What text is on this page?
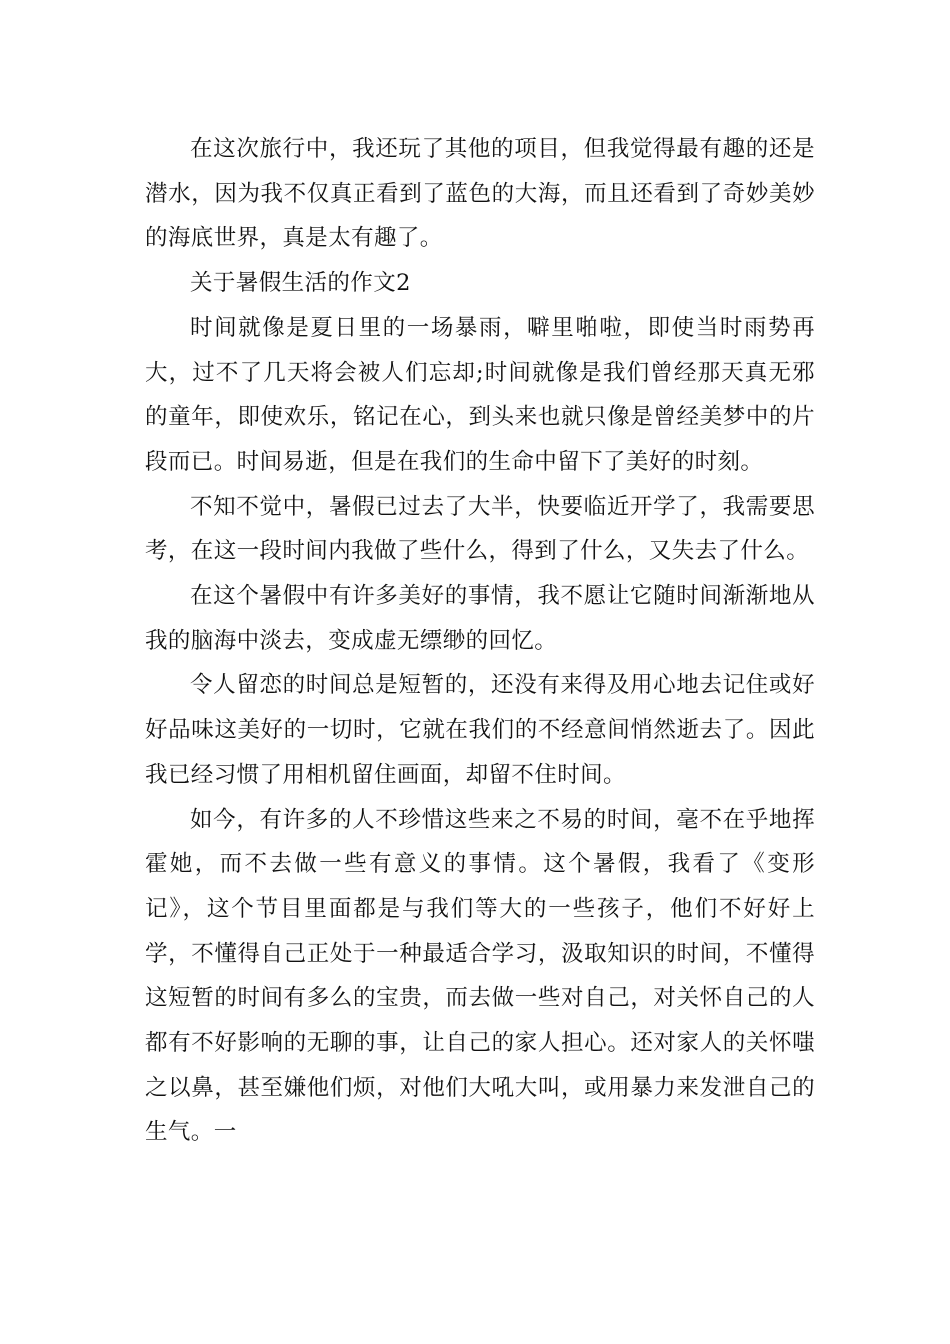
在这次旅行中，我还玩了其他的项目，但我觉得最有趣的还是潜水，因为我不仅真正看到了蓝色的大海，而且还看到了奇妙美妙的海底世界，真是太有趣了。

关于暑假生活的作文2

时间就像是夏日里的一场暴雨，噼里啪啦，即使当时雨势再大，过不了几天将会被人们忘却;时间就像是我们曾经那天真无邪的童年，即使欢乐，铭记在心，到头来也就只像是曾经美梦中的片段而已。时间易逝，但是在我们的生命中留下了美好的时刻。

不知不觉中，暑假已过去了大半，快要临近开学了，我需要思考，在这一段时间内我做了些什么，得到了什么，又失去了什么。

在这个暑假中有许多美好的事情，我不愿让它随时间渐渐地从我的脑海中淡去，变成虚无缥缈的回忆。

令人留恋的时间总是短暂的，还没有来得及用心地去记住或好好品味这美好的一切时，它就在我们的不经意间悄然逝去了。因此我已经习惯了用相机留住画面，却留不住时间。

如今，有许多的人不珍惜这些来之不易的时间，毫不在乎地挥霍她，而不去做一些有意义的事情。这个暑假，我看了《变形记》，这个节目里面都是与我们等大的一些孩子，他们不好好上学，不懂得自己正处于一种最适合学习，汲取知识的时间，不懂得这短暂的时间有多么的宝贵，而去做一些对自己，对关怀自己的人都有不好影响的无聊的事，让自己的家人担心。还对家人的关怀嗤之以鼻，甚至嫌他们烦，对他们大吼大叫，或用暴力来发泄自己的生气。一
